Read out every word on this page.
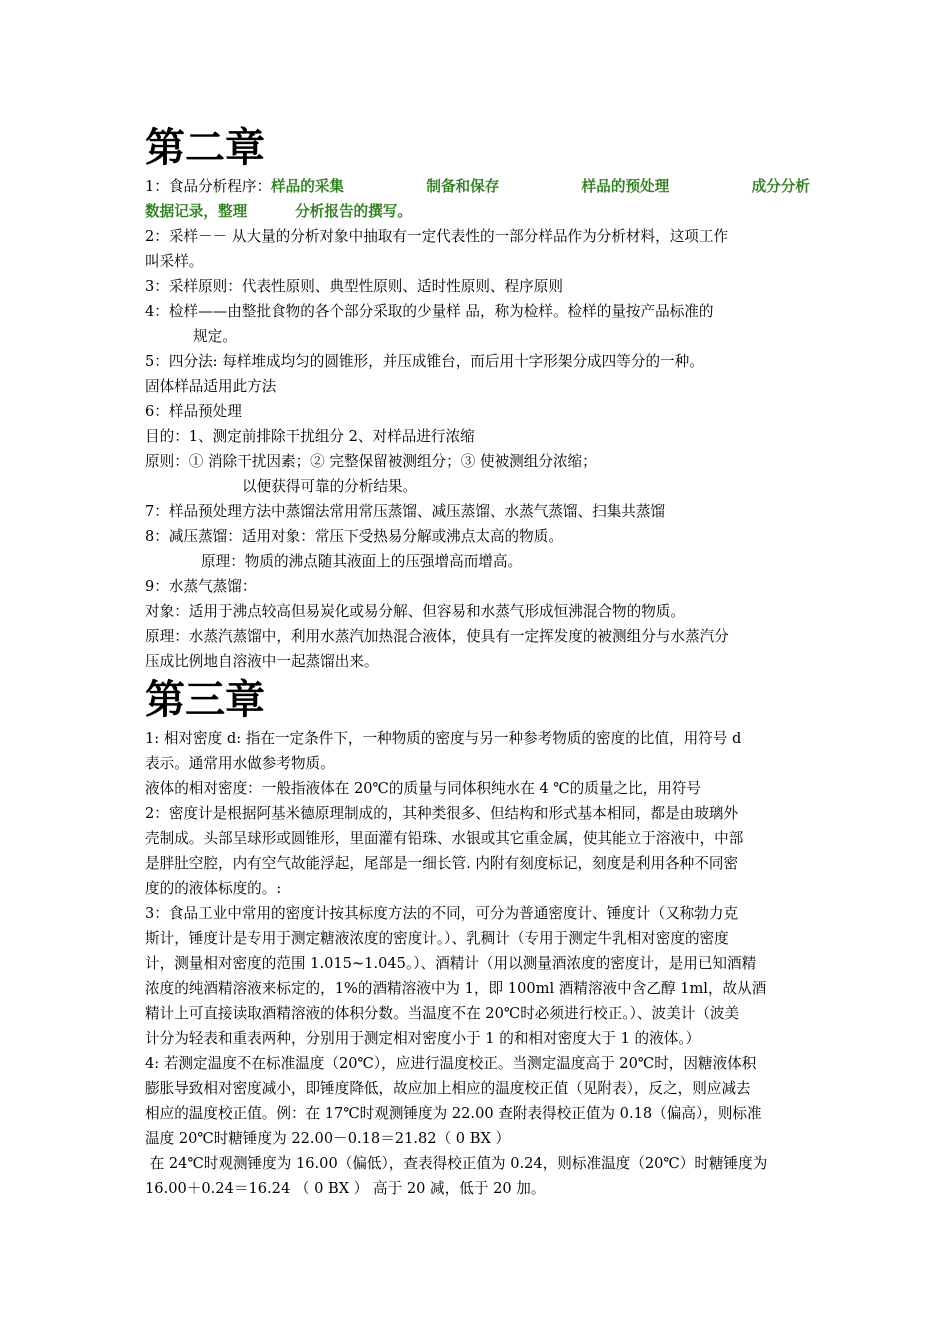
第二章
1：食品分析程序：样品的采集	制备和保存	样品的预处理	成分分析
数据记录，整理	分析报告的撰写。

2：采样－－ 从大量的分析对象中抽取有一定代表性的一部分样品作为分析材料，这项工作

叫采样。

3：采样原则：代表性原则、典型性原则、适时性原则、程序原则

4：检样——由整批食物的各个部分采取的少量样 品，称为检样。检样的量按产品标准的

规定。

5：四分法: 每样堆成均匀的圆锥形，并压成锥台，而后用十字形架分成四等分的一种。

固体样品适用此方法

6：样品预处理

目的：1、测定前排除干扰组分 2、对样品进行浓缩

原则：① 消除干扰因素；② 完整保留被测组分；③ 使被测组分浓缩；

以便获得可靠的分析结果。

7：样品预处理方法中蒸馏法常用常压蒸馏、减压蒸馏、水蒸气蒸馏、扫集共蒸馏

8：减压蒸馏：适用对象：常压下受热易分解或沸点太高的物质。

原理：物质的沸点随其液面上的压强增高而增高。

9：水蒸气蒸馏：

对象：适用于沸点较高但易炭化或易分解、但容易和水蒸气形成恒沸混合物的物质。

原理：水蒸汽蒸馏中，利用水蒸汽加热混合液体，使具有一定挥发度的被测组分与水蒸汽分

压成比例地自溶液中一起蒸馏出来。

第三章

1: 相对密度 d: 指在一定条件下，一种物质的密度与另一种参考物质的密度的比值，用符号 d

表示。通常用水做参考物质。

液体的相对密度：一般指液体在 20℃的质量与同体积纯水在 4 ℃的质量之比，用符号

2：密度计是根据阿基米德原理制成的，其种类很多、但结构和形式基本相同，都是由玻璃外

壳制成。头部呈球形或圆锥形，里面灌有铅珠、水银或其它重金属，使其能立于溶液中，中部

是胖肚空腔，内有空气故能浮起，尾部是一细长管. 内附有刻度标记，刻度是利用各种不同密

度的的液体标度的。:

3：食品工业中常用的密度计按其标度方法的不同，可分为普通密度计、锤度计（又称勃力克

斯计，锤度计是专用于测定糖液浓度的密度计。）、乳稠计（专用于测定牛乳相对密度的密度

计，测量相对密度的范围 1.015~1.045。）、酒精计（用以测量酒浓度的密度计，是用已知酒精

浓度的纯酒精溶液来标定的，1%的酒精溶液中为 1，即 100ml 酒精溶液中含乙醇 1ml，故从酒

精计上可直接读取酒精溶液的体积分数。当温度不在 20℃时必须进行校正。）、波美计（波美

计分为轻表和重表两种，分别用于测定相对密度小于 1 的和相对密度大于 1 的液体。）

4: 若测定温度不在标准温度（20℃），应进行温度校正。当测定温度高于 20℃时，因糖液体积

膨胀导致相对密度减小，即锤度降低，故应加上相应的温度校正值（见附表），反之，则应减去

相应的温度校正值。例：在 17℃时观测锤度为 22.00 查附表得校正值为 0.18（偏高），则标准

温度 20℃时糖锤度为 22.00－0.18＝21.82（ 0 BX ）

在 24℃时观测锤度为 16.00（偏低），查表得校正值为 0.24，则标准温度（20℃）时糖锤度为

16.00＋0.24＝16.24 （ 0 BX ） 高于 20 减，低于 20 加。
